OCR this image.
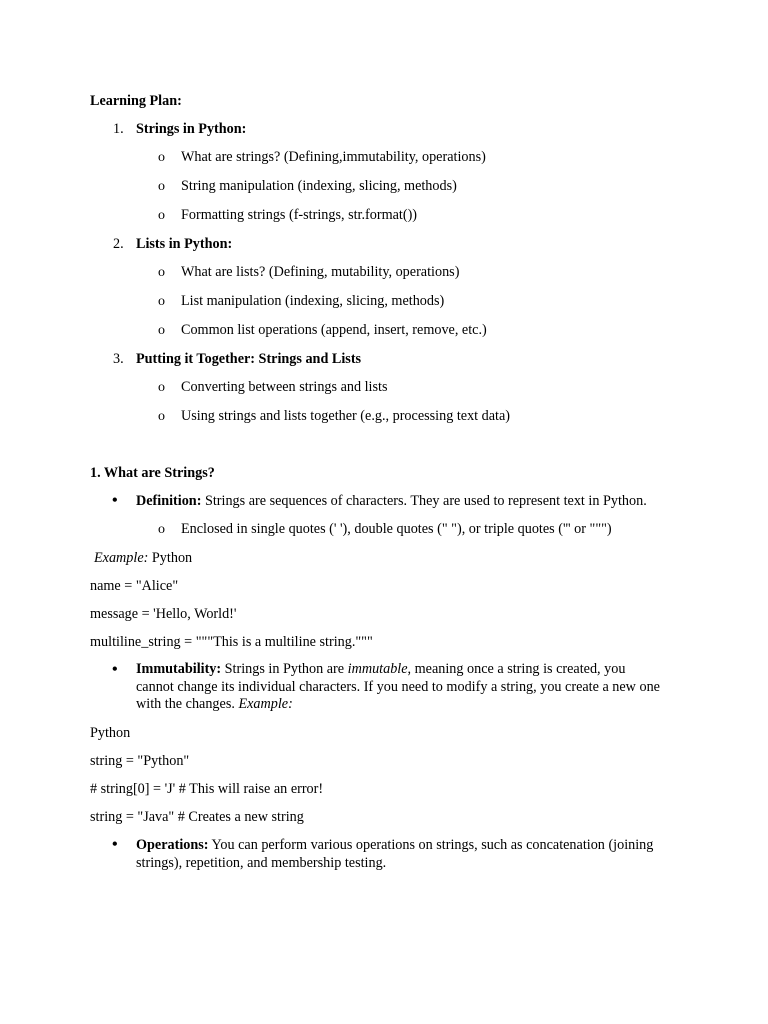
Learning Plan:
1. Strings in Python:
o What are strings? (Defining,immutability, operations)
o String manipulation (indexing, slicing, methods)
o Formatting strings (f-strings, str.format())
2. Lists in Python:
o What are lists? (Defining, mutability, operations)
o List manipulation (indexing, slicing, methods)
o Common list operations (append, insert, remove, etc.)
3. Putting it Together: Strings and Lists
o Converting between strings and lists
o Using strings and lists together (e.g., processing text data)
1. What are Strings?
• Definition: Strings are sequences of characters. They are used to represent text in Python.
o Enclosed in single quotes (' '), double quotes (" "), or triple quotes (''' or """)
Example: Python
name = "Alice"
message = 'Hello, World!'
multiline_string = """This is a multiline string."""
• Immutability: Strings in Python are immutable, meaning once a string is created, you cannot change its individual characters. If you need to modify a string, you create a new one with the changes. Example:
Python
string = "Python"
# string[0] = 'J' # This will raise an error!
string = "Java" # Creates a new string
• Operations: You can perform various operations on strings, such as concatenation (joining strings), repetition, and membership testing.
